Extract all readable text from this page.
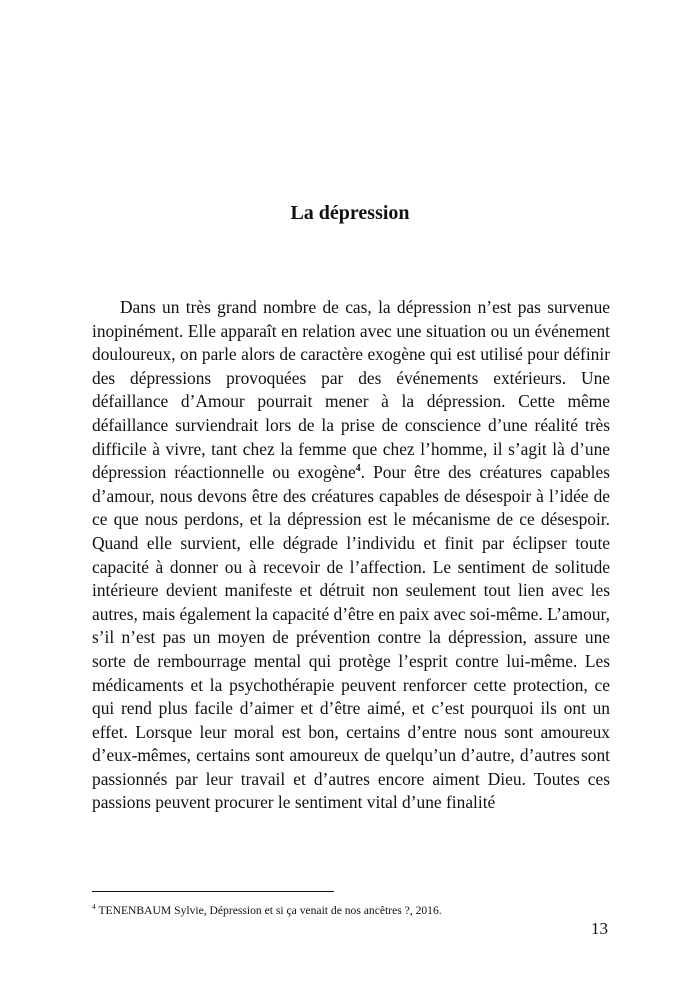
La dépression

Dans un très grand nombre de cas, la dépression n’est pas survenue inopinément. Elle apparaît en relation avec une situation ou un événement douloureux, on parle alors de caractère exogène qui est utilisé pour définir des dépressions provoquées par des événements extérieurs. Une défaillance d’Amour pourrait mener à la dépression. Cette même défaillance surviendrait lors de la prise de conscience d’une réalité très difficile à vivre, tant chez la femme que chez l’homme, il s’agit là d’une dépression réactionnelle ou exogène$^4$. Pour être des créatures capables d’amour, nous devons être des créatures capables de désespoir à l’idée de ce que nous perdons, et la dépression est le mécanisme de ce désespoir. Quand elle survient, elle dégrade l’individu et finit par éclipser toute capacité à donner ou à recevoir de l’affection. Le sentiment de solitude intérieure devient manifeste et détruit non seulement tout lien avec les autres, mais également la capacité d’être en paix avec soi-même. L’amour, s’il n’est pas un moyen de prévention contre la dépression, assure une sorte de rembourrage mental qui protège l’esprit contre lui-même. Les médicaments et la psychothérapie peuvent renforcer cette protection, ce qui rend plus facile d’aimer et d’être aimé, et c’est pourquoi ils ont un effet. Lorsque leur moral est bon, certains d’entre nous sont amoureux d’eux-mêmes, certains sont amoureux de quelqu’un d’autre, d’autres sont passionnés par leur travail et d’autres encore aiment Dieu. Toutes ces passions peuvent procurer le sentiment vital d’une finalité

$^4$ TENENBAUM Sylvie, Dépression et si ça venait de nos ancêtres ?, 2016.

13
